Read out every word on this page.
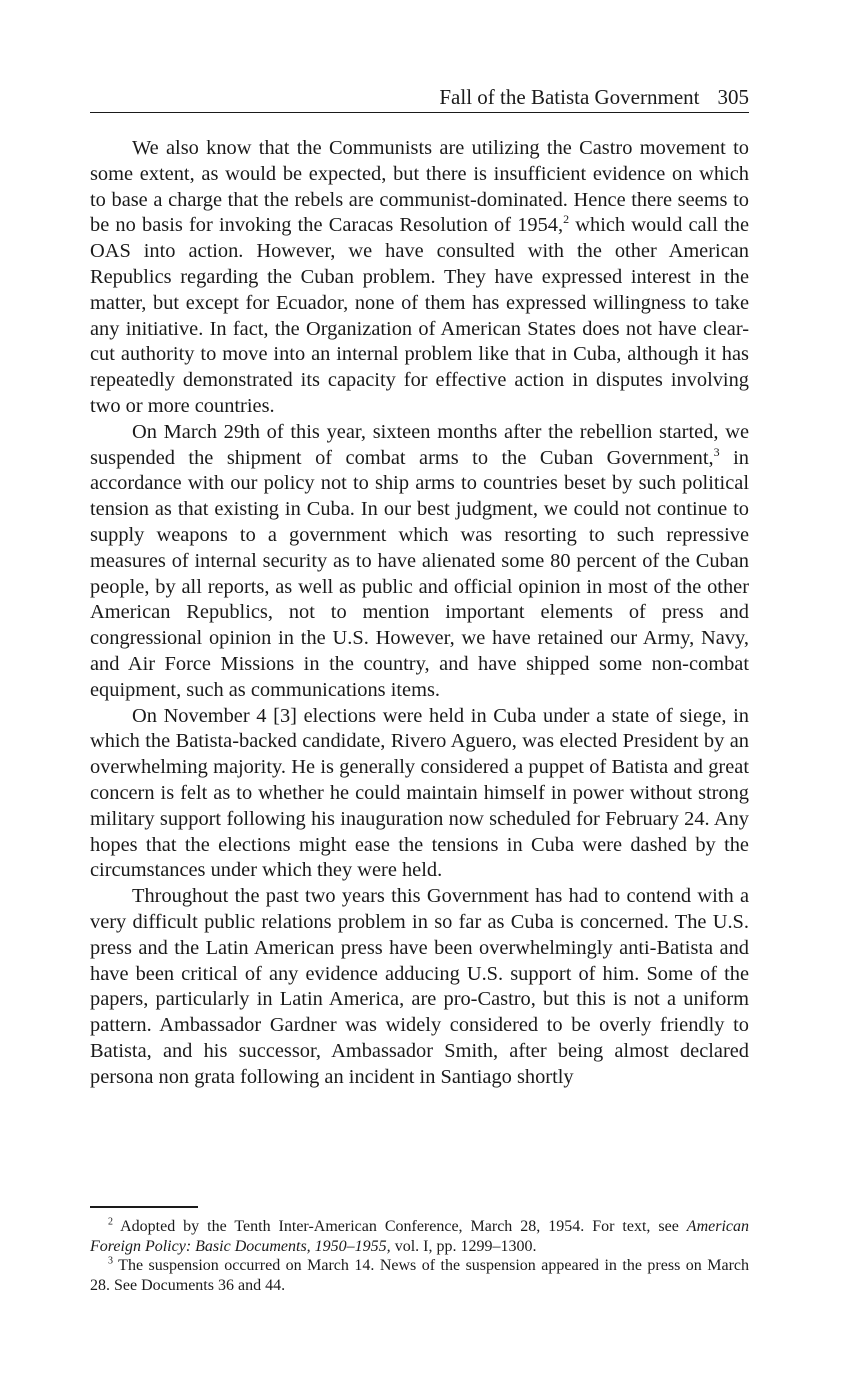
Fall of the Batista Government 305

We also know that the Communists are utilizing the Castro movement to some extent, as would be expected, but there is insufficient evidence on which to base a charge that the rebels are communist-dominated. Hence there seems to be no basis for invoking the Caracas Resolution of 1954,$^2$ which would call the OAS into action. However, we have consulted with the other American Republics regarding the Cuban problem. They have expressed interest in the matter, but except for Ecuador, none of them has expressed willingness to take any initiative. In fact, the Organization of American States does not have clear-cut authority to move into an internal problem like that in Cuba, although it has repeatedly demonstrated its capacity for effective action in disputes involving two or more countries.

On March 29th of this year, sixteen months after the rebellion started, we suspended the shipment of combat arms to the Cuban Government,$^3$ in accordance with our policy not to ship arms to countries beset by such political tension as that existing in Cuba. In our best judgment, we could not continue to supply weapons to a government which was resorting to such repressive measures of internal security as to have alienated some 80 percent of the Cuban people, by all reports, as well as public and official opinion in most of the other American Republics, not to mention important elements of press and congressional opinion in the U.S. However, we have retained our Army, Navy, and Air Force Missions in the country, and have shipped some non-combat equipment, such as communications items.

On November 4 [3] elections were held in Cuba under a state of siege, in which the Batista-backed candidate, Rivero Aguero, was elected President by an overwhelming majority. He is generally considered a puppet of Batista and great concern is felt as to whether he could maintain himself in power without strong military support following his inauguration now scheduled for February 24. Any hopes that the elections might ease the tensions in Cuba were dashed by the circumstances under which they were held.

Throughout the past two years this Government has had to contend with a very difficult public relations problem in so far as Cuba is concerned. The U.S. press and the Latin American press have been overwhelmingly anti-Batista and have been critical of any evidence adducing U.S. support of him. Some of the papers, particularly in Latin America, are pro-Castro, but this is not a uniform pattern. Ambassador Gardner was widely considered to be overly friendly to Batista, and his successor, Ambassador Smith, after being almost declared persona non grata following an incident in Santiago shortly

$^2$ Adopted by the Tenth Inter-American Conference, March 28, 1954. For text, see American Foreign Policy: Basic Documents, 1950–1955, vol. I, pp. 1299–1300.

$^3$ The suspension occurred on March 14. News of the suspension appeared in the press on March 28. See Documents 36 and 44.
